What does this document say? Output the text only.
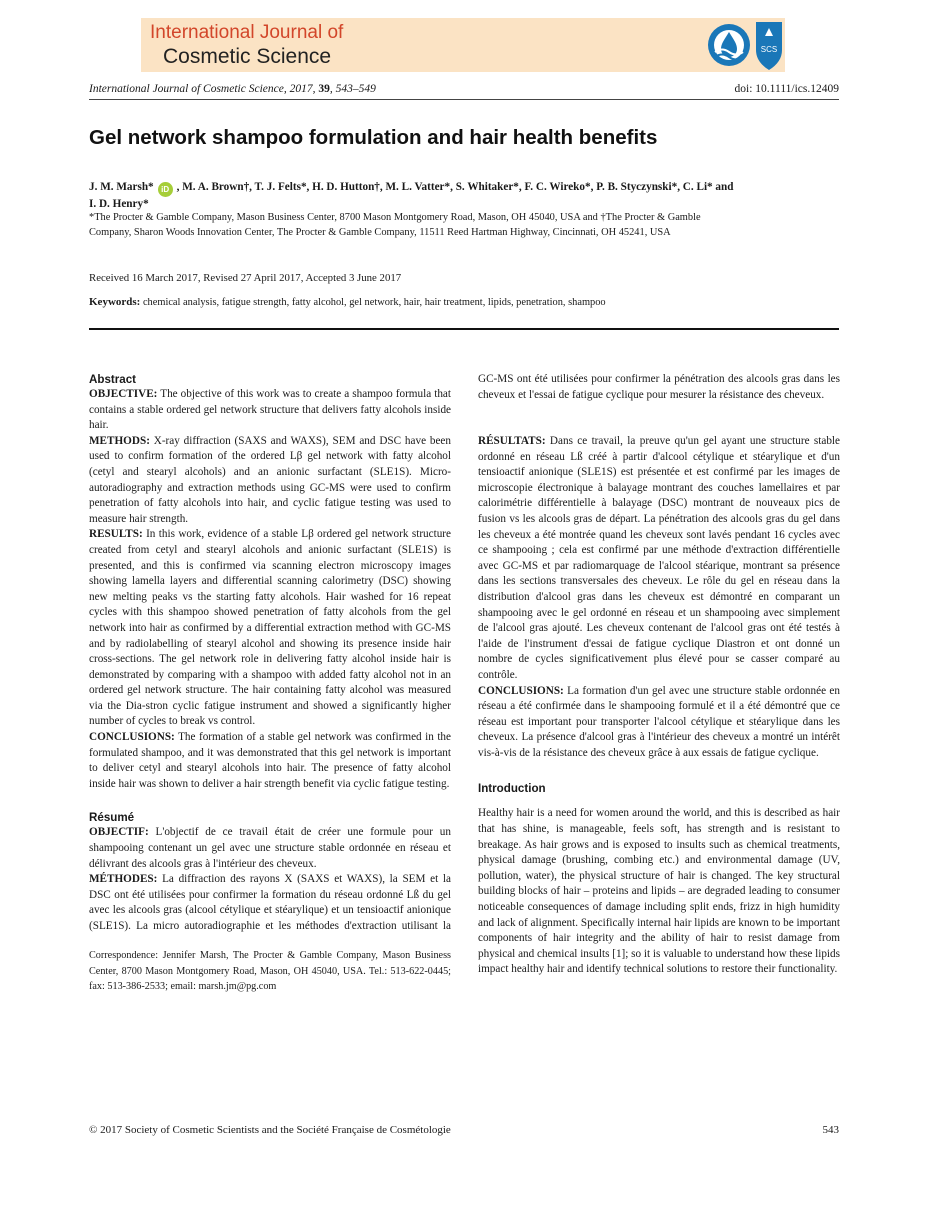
International Journal of
Cosmetic Science	SCS
International Journal of Cosmetic Science, 2017, 39, 543–549	doi: 10.1111/ics.12409
Gel network shampoo formulation and hair health benefits
J. M. Marsh* iD , M. A. Brown†, T. J. Felts*, H. D. Hutton†, M. L. Vatter*, S. Whitaker*, F. C. Wireko*, P. B. Styczynski*, C. Li* and
I. D. Henry*
*The Procter & Gamble Company, Mason Business Center, 8700 Mason Montgomery Road, Mason, OH 45040, USA and †The Procter & Gamble
Company, Sharon Woods Innovation Center, The Procter & Gamble Company, 11511 Reed Hartman Highway, Cincinnati, OH 45241, USA
Received 16 March 2017, Revised 27 April 2017, Accepted 3 June 2017
Keywords: chemical analysis, fatigue strength, fatty alcohol, gel network, hair, hair treatment, lipids, penetration, shampoo

Abstract

OBJECTIVE: The objective of this work was to create a shampoo formula that contains a stable ordered gel network structure that delivers fatty alcohols inside hair.

METHODS: X-ray diffraction (SAXS and WAXS), SEM and DSC have been used to confirm formation of the ordered Lβ gel network with fatty alcohol (cetyl and stearyl alcohols) and an anionic surfactant (SLE1S). Micro-autoradiography and extraction methods using GC-MS were used to confirm penetration of fatty alcohols into hair, and cyclic fatigue testing was used to measure hair strength.

RESULTS: In this work, evidence of a stable Lβ ordered gel network structure created from cetyl and stearyl alcohols and anionic surfactant (SLE1S) is presented, and this is confirmed via scanning electron microscopy images showing lamella layers and differential scanning calorimetry (DSC) showing new melting peaks vs the starting fatty alcohols. Hair washed for 16 repeat cycles with this shampoo showed penetration of fatty alcohols from the gel network into hair as confirmed by a differential extraction method with GC-MS and by radiolabelling of stearyl alcohol and showing its presence inside hair cross-sections. The gel network role in delivering fatty alcohol inside hair is demonstrated by comparing with a shampoo with added fatty alcohol not in an ordered gel network structure. The hair containing fatty alcohol was measured via the Dia-stron cyclic fatigue instrument and showed a significantly higher number of cycles to break vs control.

CONCLUSIONS: The formation of a stable gel network was confirmed in the formulated shampoo, and it was demonstrated that this gel network is important to deliver cetyl and stearyl alcohols into hair. The presence of fatty alcohol inside hair was shown to deliver a hair strength benefit via cyclic fatigue testing.

Résumé

OBJECTIF: L'objectif de ce travail était de créer une formule pour un shampooing contenant un gel avec une structure stable ordonnée en réseau et délivrant des alcools gras à l'intérieur des cheveux.

MÉTHODES: La diffraction des rayons X (SAXS et WAXS), la SEM et la DSC ont été utilisées pour confirmer la formation du réseau ordonné Lß du gel avec les alcools gras (alcool cétylique et stéarylique) et un tensioactif anionique (SLE1S). La micro autoradiographie et les méthodes d'extraction utilisant la

Correspondence: Jennifer Marsh, The Procter & Gamble Company, Mason Business Center, 8700 Mason Montgomery Road, Mason, OH 45040, USA. Tel.: 513-622-0445; fax: 513-386-2533; email: marsh.jm@pg.com

GC-MS ont été utilisées pour confirmer la pénétration des alcools gras dans les cheveux et l'essai de fatigue cyclique pour mesurer la résistance des cheveux.

RÉSULTATS: Dans ce travail, la preuve qu'un gel ayant une structure stable ordonné en réseau Lß créé à partir d'alcool cétylique et stéarylique et d'un tensioactif anionique (SLE1S) est présentée et est confirmé par les images de microscopie électronique à balayage montrant des couches lamellaires et par calorimétrie différentielle à balayage (DSC) montrant de nouveaux pics de fusion vs les alcools gras de départ. La pénétration des alcools gras du gel dans les cheveux a été montrée quand les cheveux sont lavés pendant 16 cycles avec ce shampooing ; cela est confirmé par une méthode d'extraction différentielle avec GC-MS et par radiomarquage de l'alcool stéarique, montrant sa présence dans les sections transversales des cheveux. Le rôle du gel en réseau dans la distribution d'alcool gras dans les cheveux est démontré en comparant un shampooing avec le gel ordonné en réseau et un shampooing avec simplement de l'alcool gras ajouté. Les cheveux contenant de l'alcool gras ont été testés à l'aide de l'instrument d'essai de fatigue cyclique Diastron et ont donné un nombre de cycles significativement plus élevé pour se casser comparé au contrôle.

CONCLUSIONS: La formation d'un gel avec une structure stable ordonnée en réseau a été confirmée dans le shampooing formulé et il a été démontré que ce réseau est important pour transporter l'alcool cétylique et stéarylique dans les cheveux. La présence d'alcool gras à l'intérieur des cheveux a montré un intérêt vis-à-vis de la résistance des cheveux grâce à aux essais de fatigue cyclique.

Introduction

Healthy hair is a need for women around the world, and this is described as hair that has shine, is manageable, feels soft, has strength and is resistant to breakage. As hair grows and is exposed to insults such as chemical treatments, physical damage (brushing, combing etc.) and environmental damage (UV, pollution, water), the physical structure of hair is changed. The key structural building blocks of hair – proteins and lipids – are degraded leading to consumer noticeable consequences of damage including split ends, frizz in high humidity and lack of alignment. Specifically internal hair lipids are known to be important components of hair integrity and the ability of hair to resist damage from physical and chemical insults [1]; so it is valuable to understand how these lipids impact healthy hair and identify technical solutions to restore their functionality.

© 2017 Society of Cosmetic Scientists and the Société Française de Cosmétologie	543
